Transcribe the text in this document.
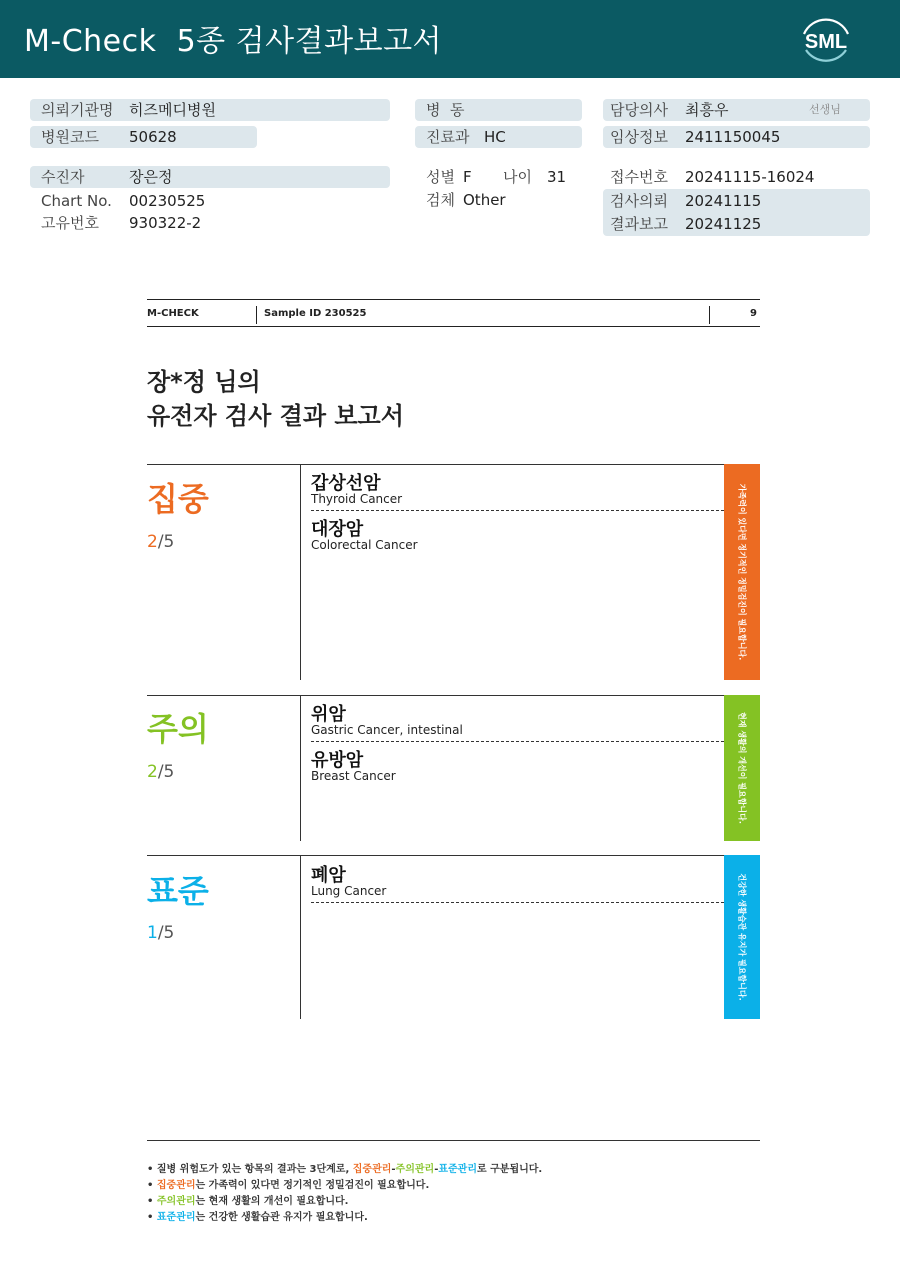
M-Check  5종 검사결과보고서	SML
의뢰기관명 히즈메디병원
병원코드 50628
수진자	장은정
Chart No. 00230525
고유번호 930322-2
병  동
진료과 HC
성별 F 나이 31
검체 Other
담당의사 최흥우	선생님
임상정보 2411150045
접수번호 20241115-16024
검사의뢰 20241115
결과보고 20241125
M-CHECK	Sample ID 230525	9
장*정 님의
유전자 검사 결과 보고서
집중
2/5	가족력이 있다면 정기적인 정밀검진이 필요합니다.
갑상선암
Thyroid Cancer
대장암
Colorectal Cancer
주의
2/5	현재 생활의 개선이 필요합니다.
위암
Gastric Cancer, intestinal
유방암
Breast Cancer
표준
1/5	건강한 생활습관 유지가 필요합니다.
폐암
Lung Cancer
• 질병 위험도가 있는 항목의 결과는 3단계로, 집중관리-주의관리-표준관리로 구분됩니다.
• 집중관리는 가족력이 있다면 정기적인 정밀검진이 필요합니다.
• 주의관리는 현재 생활의 개선이 필요합니다.
• 표준관리는 건강한 생활습관 유지가 필요합니다.
